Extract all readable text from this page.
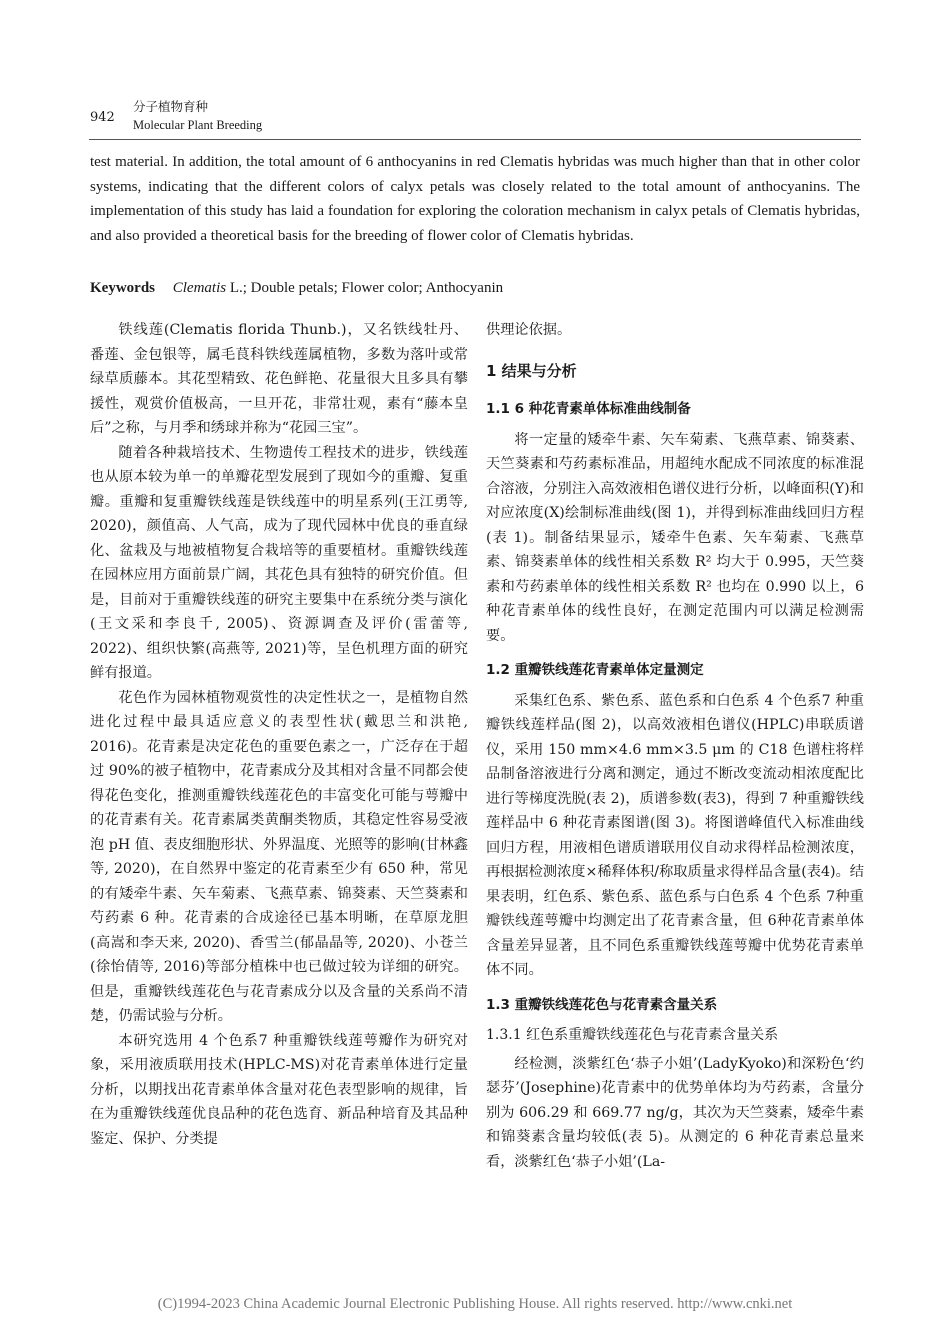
942
分子植物育种
Molecular Plant Breeding

test material. In addition, the total amount of 6 anthocyanins in red Clematis hybridas was much higher than that in other color systems, indicating that the different colors of calyx petals was closely related to the total amount of anthocyanins. The implementation of this study has laid a foundation for exploring the coloration mechanism in calyx petals of Clematis hybridas, and also provided a theoretical basis for the breeding of flower color of Clematis hybridas.

Keywords Clematis L.; Double petals; Flower color; Anthocyanin

铁线莲(Clematis florida Thunb.)，又名铁线牡丹、番莲、金包银等，属毛茛科铁线莲属植物，多数为落叶或常绿草质藤本。其花型精致、花色鲜艳、花量很大且多具有攀援性，观赏价值极高，一旦开花，非常壮观，素有“藤本皇后”之称，与月季和绣球并称为“花园三宝”。

随着各种栽培技术、生物遗传工程技术的进步，铁线莲也从原本较为单一的单瓣花型发展到了现如今的重瓣、复重瓣。重瓣和复重瓣铁线莲是铁线莲中的明星系列(王江勇等, 2020)，颜值高、人气高，成为了现代园林中优良的垂直绿化、盆栽及与地被植物复合栽培等的重要植材。重瓣铁线莲在园林应用方面前景广阔，其花色具有独特的研究价值。但是，目前对于重瓣铁线莲的研究主要集中在系统分类与演化(王文采和李良千, 2005)、资源调查及评价(雷蕾等, 2022)、组织快繁(高燕等, 2021)等，呈色机理方面的研究鲜有报道。

花色作为园林植物观赏性的决定性状之一，是植物自然进化过程中最具适应意义的表型性状(戴思兰和洪艳, 2016)。花青素是决定花色的重要色素之一，广泛存在于超过 90%的被子植物中，花青素成分及其相对含量不同都会使得花色变化，推测重瓣铁线莲花色的丰富变化可能与萼瓣中的花青素有关。花青素属类黄酮类物质，其稳定性容易受液泡 pH 值、表皮细胞形状、外界温度、光照等的影响(甘林鑫等, 2020)，在自然界中鉴定的花青素至少有 650 种，常见的有矮牵牛素、矢车菊素、飞燕草素、锦葵素、天竺葵素和芍药素 6 种。花青素的合成途径已基本明晰，在草原龙胆(高嵩和李天来, 2020)、香雪兰(郁晶晶等, 2020)、小苍兰(徐怡倩等, 2016)等部分植株中也已做过较为详细的研究。但是，重瓣铁线莲花色与花青素成分以及含量的关系尚不清楚，仍需试验与分析。

本研究选用 4 个色系7 种重瓣铁线莲萼瓣作为研究对象，采用液质联用技术(HPLC-MS)对花青素单体进行定量分析，以期找出花青素单体含量对花色表型影响的规律，旨在为重瓣铁线莲优良品种的花色选育、新品种培育及其品种鉴定、保护、分类提

供理论依据。

1 结果与分析

1.1 6 种花青素单体标准曲线制备

将一定量的矮牵牛素、矢车菊素、飞燕草素、锦葵素、天竺葵素和芍药素标准品，用超纯水配成不同浓度的标准混合溶液，分别注入高效液相色谱仪进行分析，以峰面积(Y)和对应浓度(X)绘制标准曲线(图 1)，并得到标准曲线回归方程(表 1)。制备结果显示，矮牵牛色素、矢车菊素、飞燕草素、锦葵素单体的线性相关系数 R² 均大于 0.995，天竺葵素和芍药素单体的线性相关系数 R² 也均在 0.990 以上，6 种花青素单体的线性良好，在测定范围内可以满足检测需要。

1.2 重瓣铁线莲花青素单体定量测定

采集红色系、紫色系、蓝色系和白色系 4 个色系7 种重瓣铁线莲样品(图 2)，以高效液相色谱仪(HPLC)串联质谱仪，采用 150 mm×4.6 mm×3.5 μm 的 C18 色谱柱将样品制备溶液进行分离和测定，通过不断改变流动相浓度配比进行等梯度洗脱(表 2)，质谱参数(表3)，得到 7 种重瓣铁线莲样品中 6 种花青素图谱(图 3)。将图谱峰值代入标准曲线回归方程，用液相色谱质谱联用仪自动求得样品检测浓度，再根据检测浓度×稀释体积/称取质量求得样品含量(表4)。结果表明，红色系、紫色系、蓝色系与白色系 4 个色系 7种重瓣铁线莲萼瓣中均测定出了花青素含量，但 6种花青素单体含量差异显著，且不同色系重瓣铁线莲萼瓣中优势花青素单体不同。

1.3 重瓣铁线莲花色与花青素含量关系

1.3.1 红色系重瓣铁线莲花色与花青素含量关系

经检测，淡紫红色‘恭子小姐’(LadyKyoko)和深粉色‘约瑟芬’(Josephine)花青素中的优势单体均为芍药素，含量分别为 606.29 和 669.77 ng/g，其次为天竺葵素，矮牵牛素和锦葵素含量均较低(表 5)。从测定的 6 种花青素总量来看，淡紫红色‘恭子小姐’(La-

(C)1994-2023 China Academic Journal Electronic Publishing House. All rights reserved. http://www.cnki.net
